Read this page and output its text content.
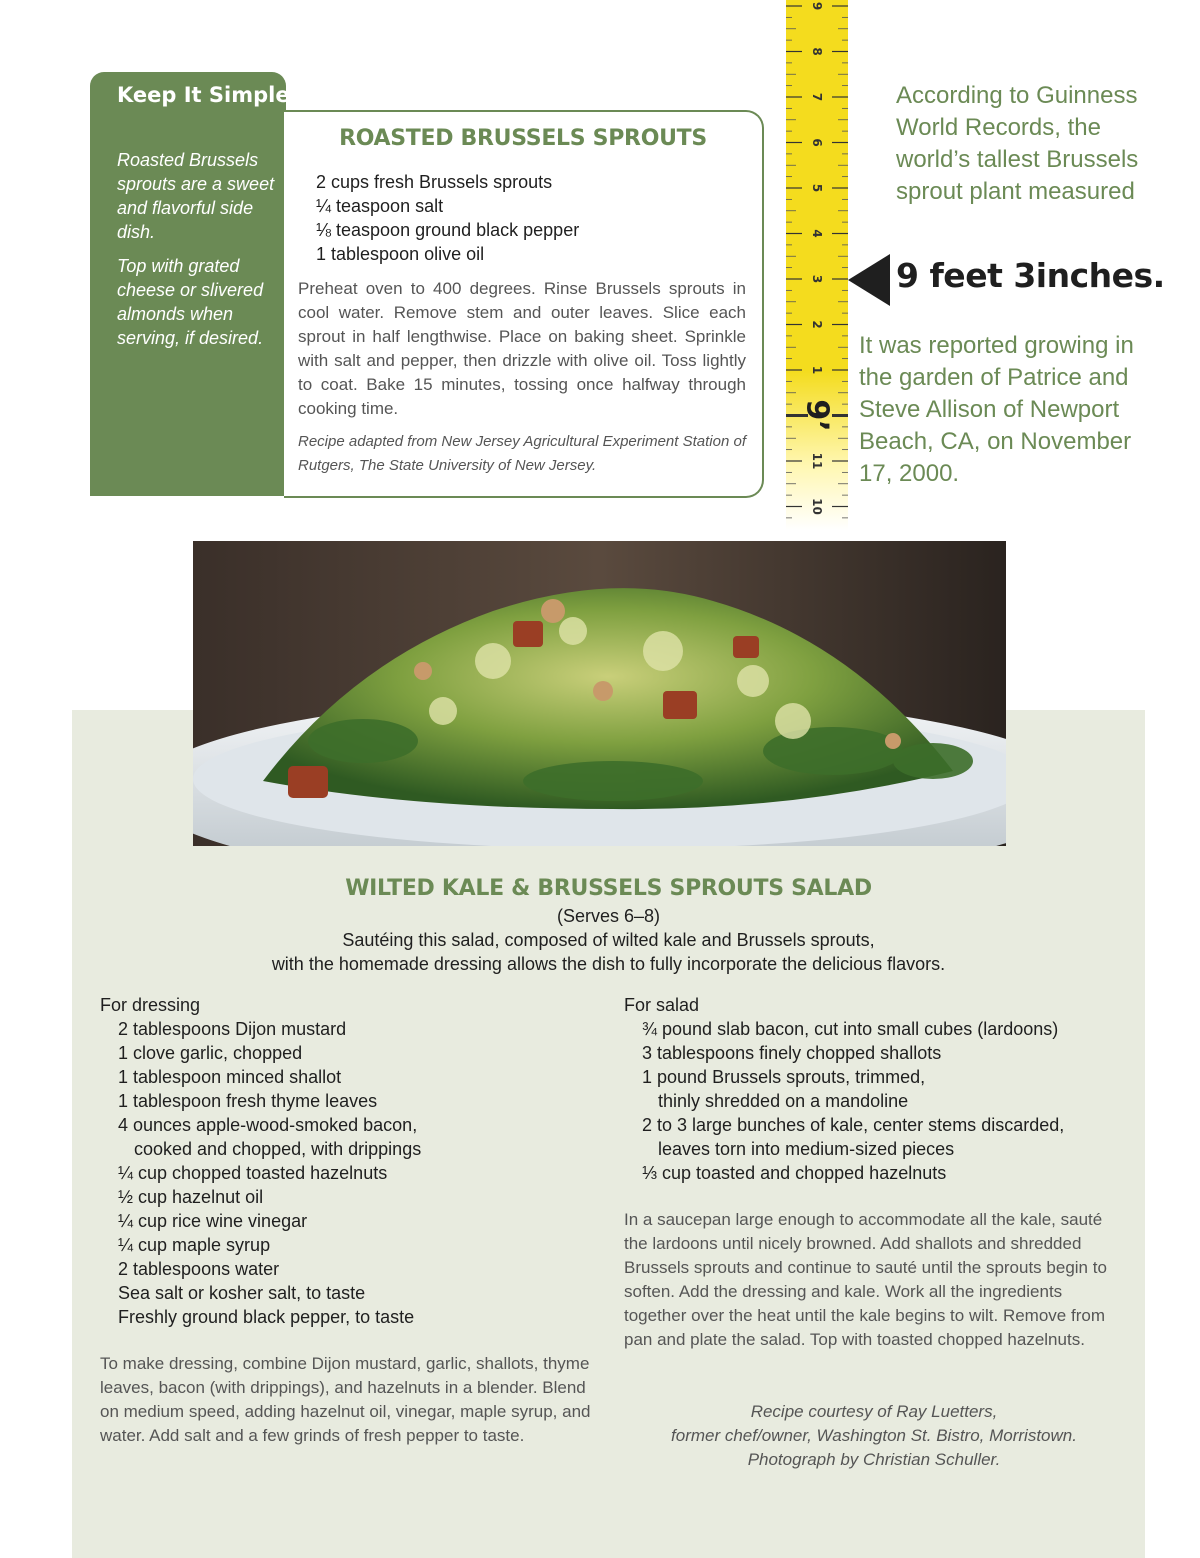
Keep It Simple

Roasted Brussels sprouts are a sweet and flavorful side dish.

Top with grated cheese or slivered almonds when serving, if desired.

ROASTED BRUSSELS SPROUTS
2 cups fresh Brussels sprouts
¼ teaspoon salt
⅛ teaspoon ground black pepper
1 tablespoon olive oil

Preheat oven to 400 degrees. Rinse Brussels sprouts in cool water. Remove stem and outer leaves. Slice each sprout in half lengthwise. Place on baking sheet. Sprinkle with salt and pepper, then drizzle with olive oil. Toss lightly to coat. Bake 15 minutes, tossing once halfway through cooking time.

Recipe adapted from New Jersey Agricultural Experiment Station of Rutgers, The State University of New Jersey.

9
8
7
6
5
4
3
2
1
9’
11
10

According to Guinness World Records, the world’s tallest Brussels sprout plant measured

9 feet 3inches.

It was reported growing in the garden of Patrice and Steve Allison of Newport Beach, CA, on November 17, 2000.

WILTED KALE & BRUSSELS SPROUTS SALAD

(Serves 6–8)

Sautéing this salad, composed of wilted kale and Brussels sprouts,
with the homemade dressing allows the dish to fully incorporate the delicious flavors.

For dressing

2 tablespoons Dijon mustard
1 clove garlic, chopped
1 tablespoon minced shallot
1 tablespoon fresh thyme leaves
4 ounces apple-wood-smoked bacon,
cooked and chopped, with drippings
¼ cup chopped toasted hazelnuts
½ cup hazelnut oil
¼ cup rice wine vinegar
¼ cup maple syrup
2 tablespoons water
Sea salt or kosher salt, to taste
Freshly ground black pepper, to taste

To make dressing, combine Dijon mustard, garlic, shallots, thyme leaves, bacon (with drippings), and hazelnuts in a blender. Blend on medium speed, adding hazelnut oil, vinegar, maple syrup, and water. Add salt and a few grinds of fresh pepper to taste.

For salad

¾ pound slab bacon, cut into small cubes (lardoons)
3 tablespoons finely chopped shallots
1 pound Brussels sprouts, trimmed,
thinly shredded on a mandoline
2 to 3 large bunches of kale, center stems discarded,
leaves torn into medium-sized pieces
⅓ cup toasted and chopped hazelnuts

In a saucepan large enough to accommodate all the kale, sauté the lardoons until nicely browned. Add shallots and shredded Brussels sprouts and continue to sauté until the sprouts begin to soften. Add the dressing and kale. Work all the ingredients together over the heat until the kale begins to wilt. Remove from pan and plate the salad. Top with toasted chopped hazelnuts.

Recipe courtesy of Ray Luetters,
former chef/owner, Washington St. Bistro, Morristown.
Photograph by Christian Schuller.
